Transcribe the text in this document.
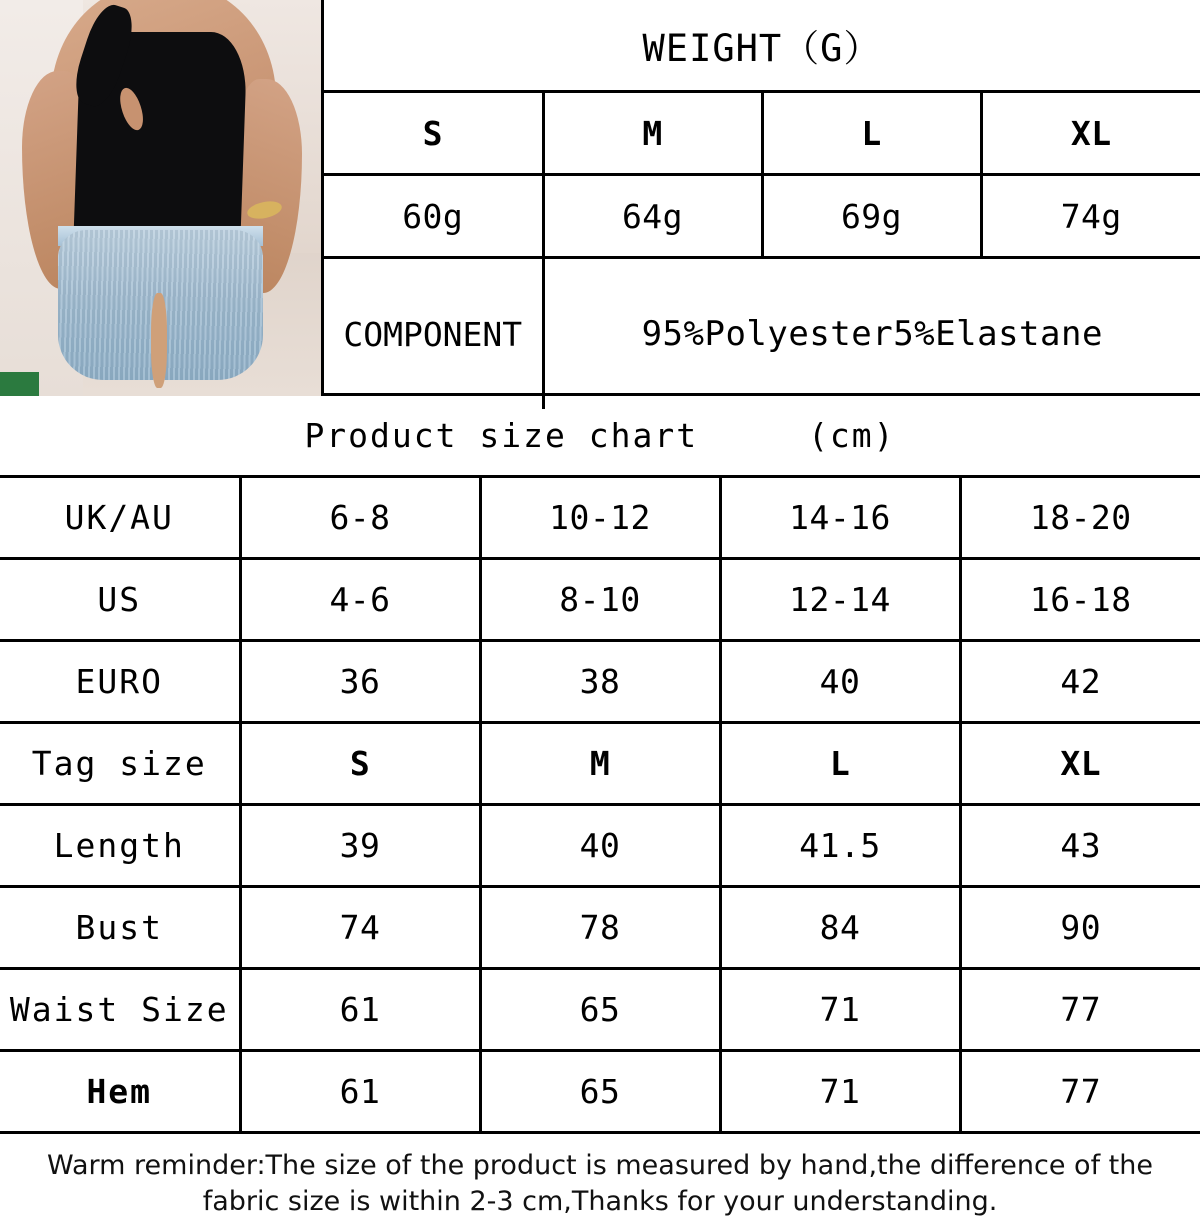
WEIGHT（G）			
S	M	L	XL
60g	64g	69g	74g
COMPONENT	95%Polyester5%Elastane		
Product size chart (cm)				

UK/AU	6-8	10-12	14-16	18-20
US	4-6	8-10	12-14	16-18
EURO	36	38	40	42
Tag size	S	M	L	XL
Length	39	40	41.5	43
Bust	74	78	84	90
Waist Size	61	65	71	77
Hem	61	65	71	77
Warm reminder:The size of the product is measured by hand,the difference of the fabric size is within 2-3 cm,Thanks for your understanding.
